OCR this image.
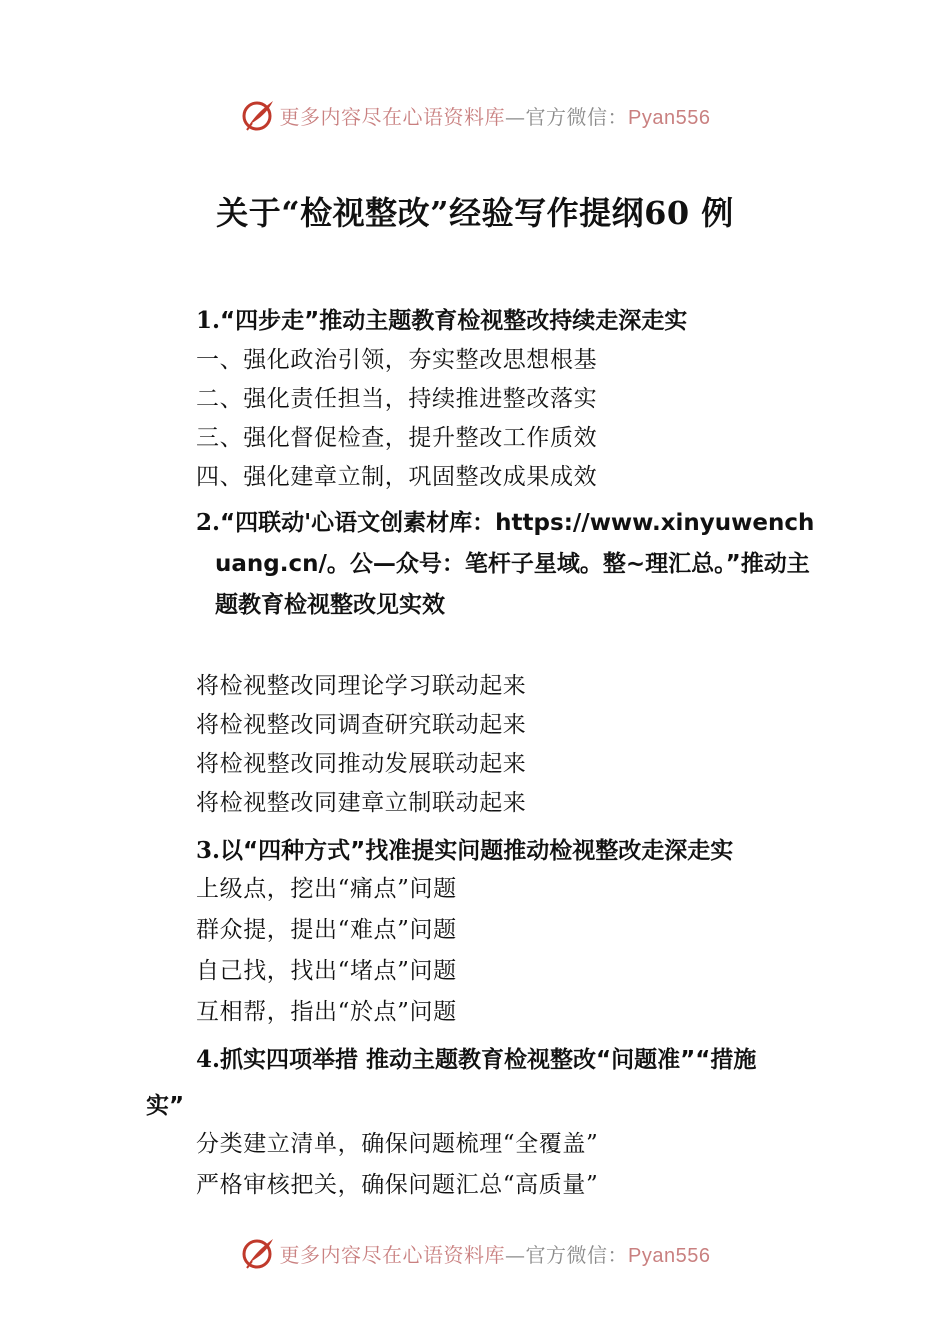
更多内容尽在心语资料库—官方微信：Pyan556
关于“检视整改”经验写作提纲60 例
1.“四步走”推动主题教育检视整改持续走深走实
一、强化政治引领，夯实整改思想根基
二、强化责任担当，持续推进整改落实
三、强化督促检查，提升整改工作质效
四、强化建章立制，巩固整改成果成效
2.“四联动'心语文创素材库：https://www.xinyuwenchuang.cn/。公—众号：笔杆子星域。整~理汇总。”推动主题教育检视整改见实效
将检视整改同理论学习联动起来
将检视整改同调查研究联动起来
将检视整改同推动发展联动起来
将检视整改同建章立制联动起来
3.以“四种方式”找准提实问题推动检视整改走深走实
上级点，挖出“痛点”问题
群众提，提出“难点”问题
自己找，找出“堵点”问题
互相帮，指出“於点”问题
4.抓实四项举措 推动主题教育检视整改“问题准”“措施
实”
分类建立清单，确保问题梳理“全覆盖”
严格审核把关，确保问题汇总“高质量”
更多内容尽在心语资料库—官方微信：Pyan556
